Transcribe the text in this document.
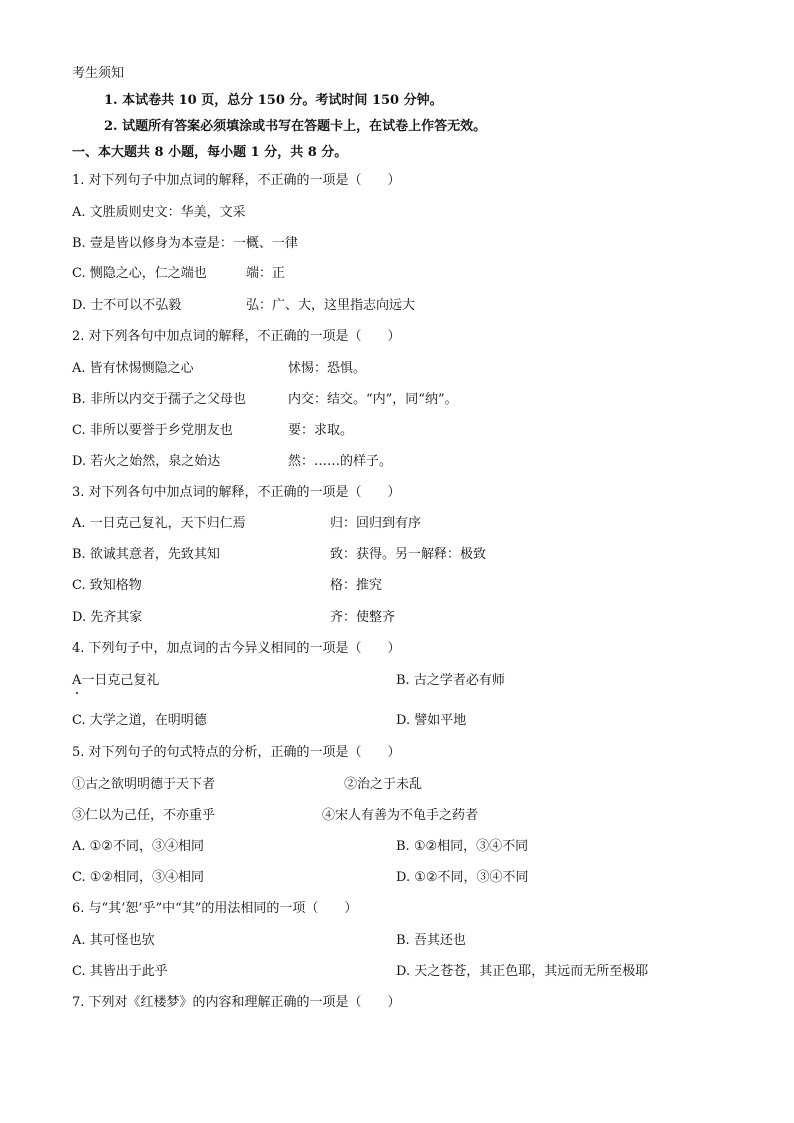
考生须知
1. 本试卷共 10 页，总分 150 分。考试时间 150 分钟。
2. 试题所有答案必须填涂或书写在答题卡上，在试卷上作答无效。
一、本大题共 8 小题，每小题 1 分，共 8 分。
1. 对下列句子中加点词的解释，不正确的一项是（　　）
A. 文胜质则史文：华美，文采
B. 壹是皆以修身为本壹是：一概、一律
C. 恻隐之心，仁之端也	端：正
D. 士不可以不弘毅	弘：广、大，这里指志向远大
2. 对下列各句中加点词的解释，不正确的一项是（　　）
A. 皆有怵惕恻隐之心	怵惕：恐惧。
B. 非所以内交于孺子之父母也	内交：结交。“内”，同“纳”。
C. 非所以要誉于乡党朋友也	要：求取。
D. 若火之始然，泉之始达	然：……的样子。
3. 对下列各句中加点词的解释，不正确的一项是（　　）
A. 一日克己复礼，天下归仁焉	归：回归到有序
B. 欲诚其意者，先致其知	致：获得。另一解释：极致
C. 致知格物	格：推究
D. 先齐其家	齐：使整齐
4. 下列句子中，加点词的古今异义相同的一项是（　　）
A一日克己复礼	B. 古之学者必有师
C. 大学之道，在明明德	D. 譬如平地
5. 对下列句子的句式特点的分析，正确的一项是（　　）
①古之欲明明德于天下者	②治之于未乱
③仁以为己任，不亦重乎	④宋人有善为不龟手之药者
A. ①②不同，③④相同	B. ①②相同，③④不同
C. ①②相同，③④相同	D. ①②不同，③④不同
6. 与“其‘恕’乎”中“其”的用法相同的一项（　　）
A. 其可怪也欤	B. 吾其还也
C. 其皆出于此乎	D. 天之苍苍，其正色耶，其远而无所至极耶
7. 下列对《红楼梦》的内容和理解正确的一项是（　　）
